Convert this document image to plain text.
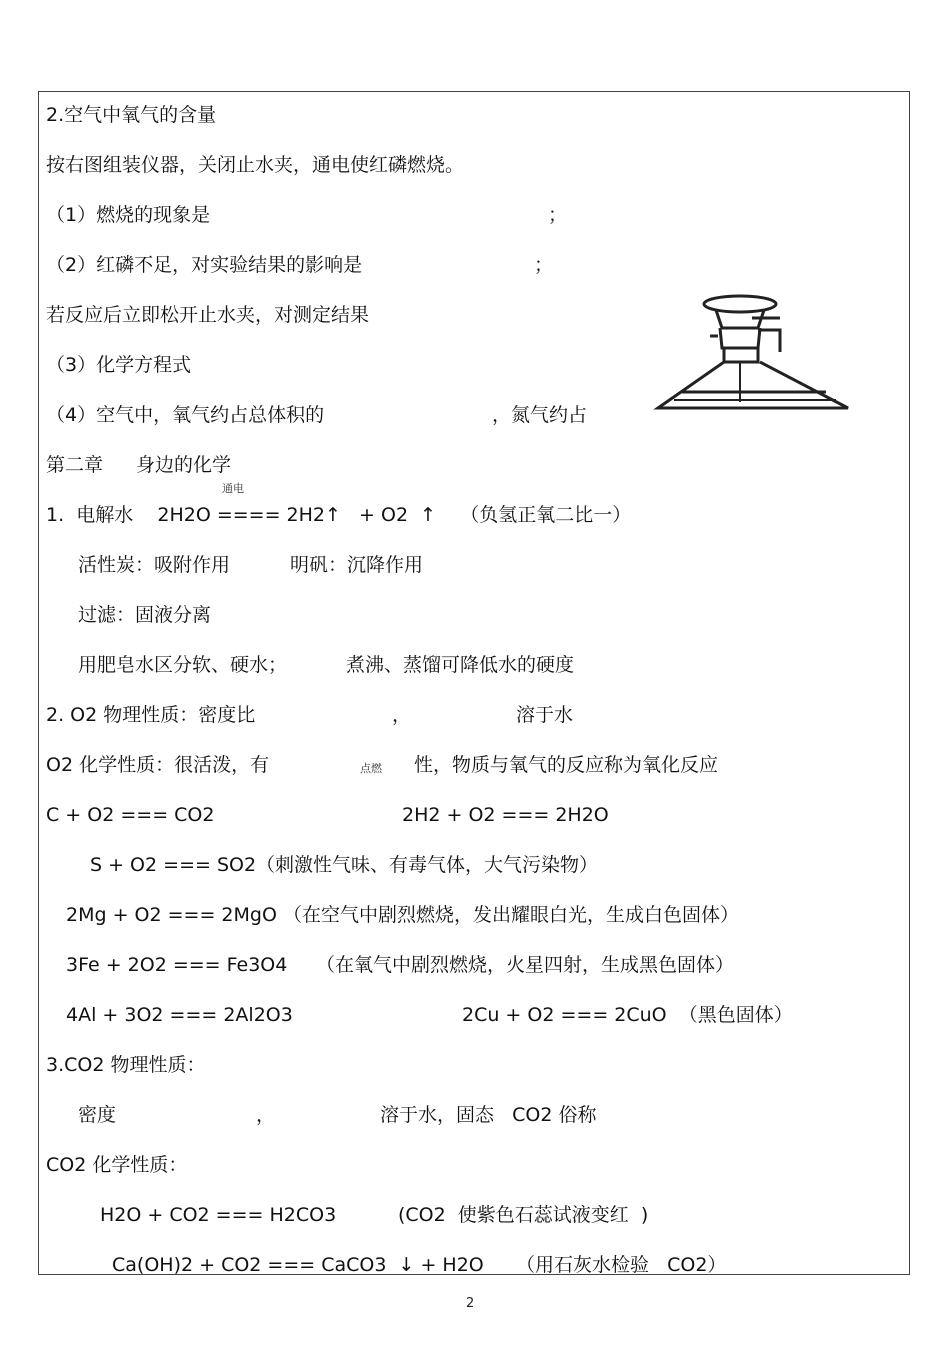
2.空气中氧气的含量
按右图组装仪器，关闭止水夹，通电使红磷燃烧。
（1）燃烧的现象是	；
（2）红磷不足，对实验结果的影响是	；
若反应后立即松开止水夹，对测定结果
（3）化学方程式
（4）空气中，氧气约占总体积的	，氮气约占
第二章 身边的化学
通电
1.  电解水    2H2O ==== 2H2↑   + O2  ↑    （负氢正氧二比一）
活性炭：吸附作用	明矾：沉降作用
过滤：固液分离
用肥皂水区分软、硬水；	煮沸、蒸馏可降低水的硬度
2. O2 物理性质：密度比	，	溶于水
O2 化学性质：很活泼，有	点燃 性，物质与氧气的反应称为氧化反应
C + O2 === CO2	2H2 + O2 === 2H2O
S + O2 === SO2（刺激性气味、有毒气体，大气污染物）
2Mg + O2 === 2MgO （在空气中剧烈燃烧，发出耀眼白光，生成白色固体）
3Fe + 2O2 === Fe3O4 （在氧气中剧烈燃烧，火星四射，生成黑色固体）
4Al + 3O2 === 2Al2O3	2Cu + O2 === 2CuO  （黑色固体）
3.CO2 物理性质：
密度	，	溶于水，固态   CO2 俗称
CO2 化学性质：
H2O + CO2 === H2CO3	(CO2  使紫色石蕊试液变红  )
Ca(OH)2 + CO2 === CaCO3  ↓ + H2O （用石灰水检验   CO2）
2
